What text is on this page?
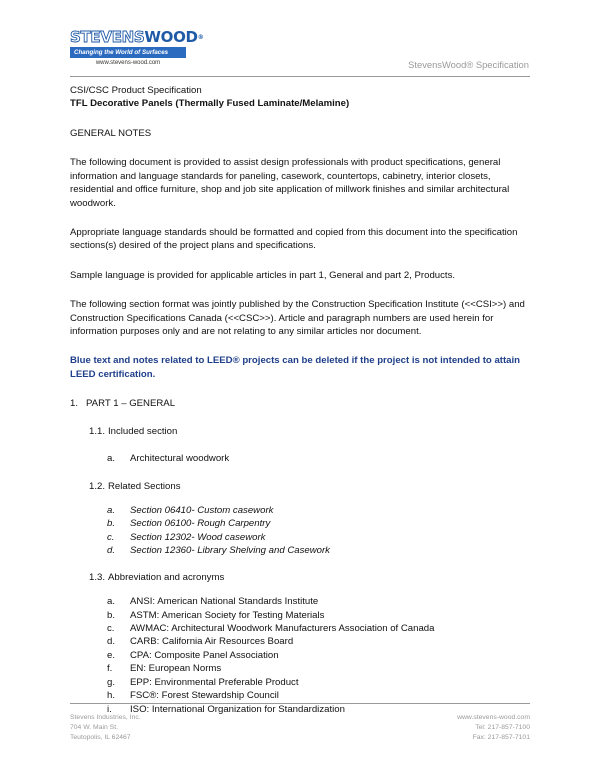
STEVENSWOOD®
Changing the World of Surfaces
www.stevens-wood.com	StevensWood® Specification

CSI/CSC Product Specification

TFL Decorative Panels (Thermally Fused Laminate/Melamine)

GENERAL NOTES

The following document is provided to assist design professionals with product specifications, general information and language standards for paneling, casework, countertops, cabinetry, interior closets, residential and office furniture, shop and job site application of millwork finishes and similar architectural woodwork.

Appropriate language standards should be formatted and copied from this document into the specification sections(s) desired of the project plans and specifications.

Sample language is provided for applicable articles in part 1, General and part 2, Products.

The following section format was jointly published by the Construction Specification Institute (<<CSI>>) and Construction Specifications Canada (<<CSC>>). Article and paragraph numbers are used herein for information purposes only and are not relating to any similar articles nor document.

Blue text and notes related to LEED® projects can be deleted if the project is not intended to attain LEED certification.

1. PART 1 – GENERAL
1.1. Included section
a. Architectural woodwork
1.2. Related Sections
a. Section 06410- Custom casework
b. Section 06100- Rough Carpentry
c. Section 12302- Wood casework
d. Section 12360- Library Shelving and Casework
1.3. Abbreviation and acronyms
a. ANSI: American National Standards Institute
b. ASTM: American Society for Testing Materials
c. AWMAC: Architectural Woodwork Manufacturers Association of Canada
d. CARB: California Air Resources Board
e. CPA: Composite Panel Association
f. EN: European Norms
g. EPP: Environmental Preferable Product
h. FSC®: Forest Stewardship Council
i. ISO: International Organization for Standardization
Stevens Industries, Inc.
704 W. Main St.
Teutopolis, IL 62467
www.stevens-wood.com
Tel: 217-857-7100
Fax: 217-857-7101
